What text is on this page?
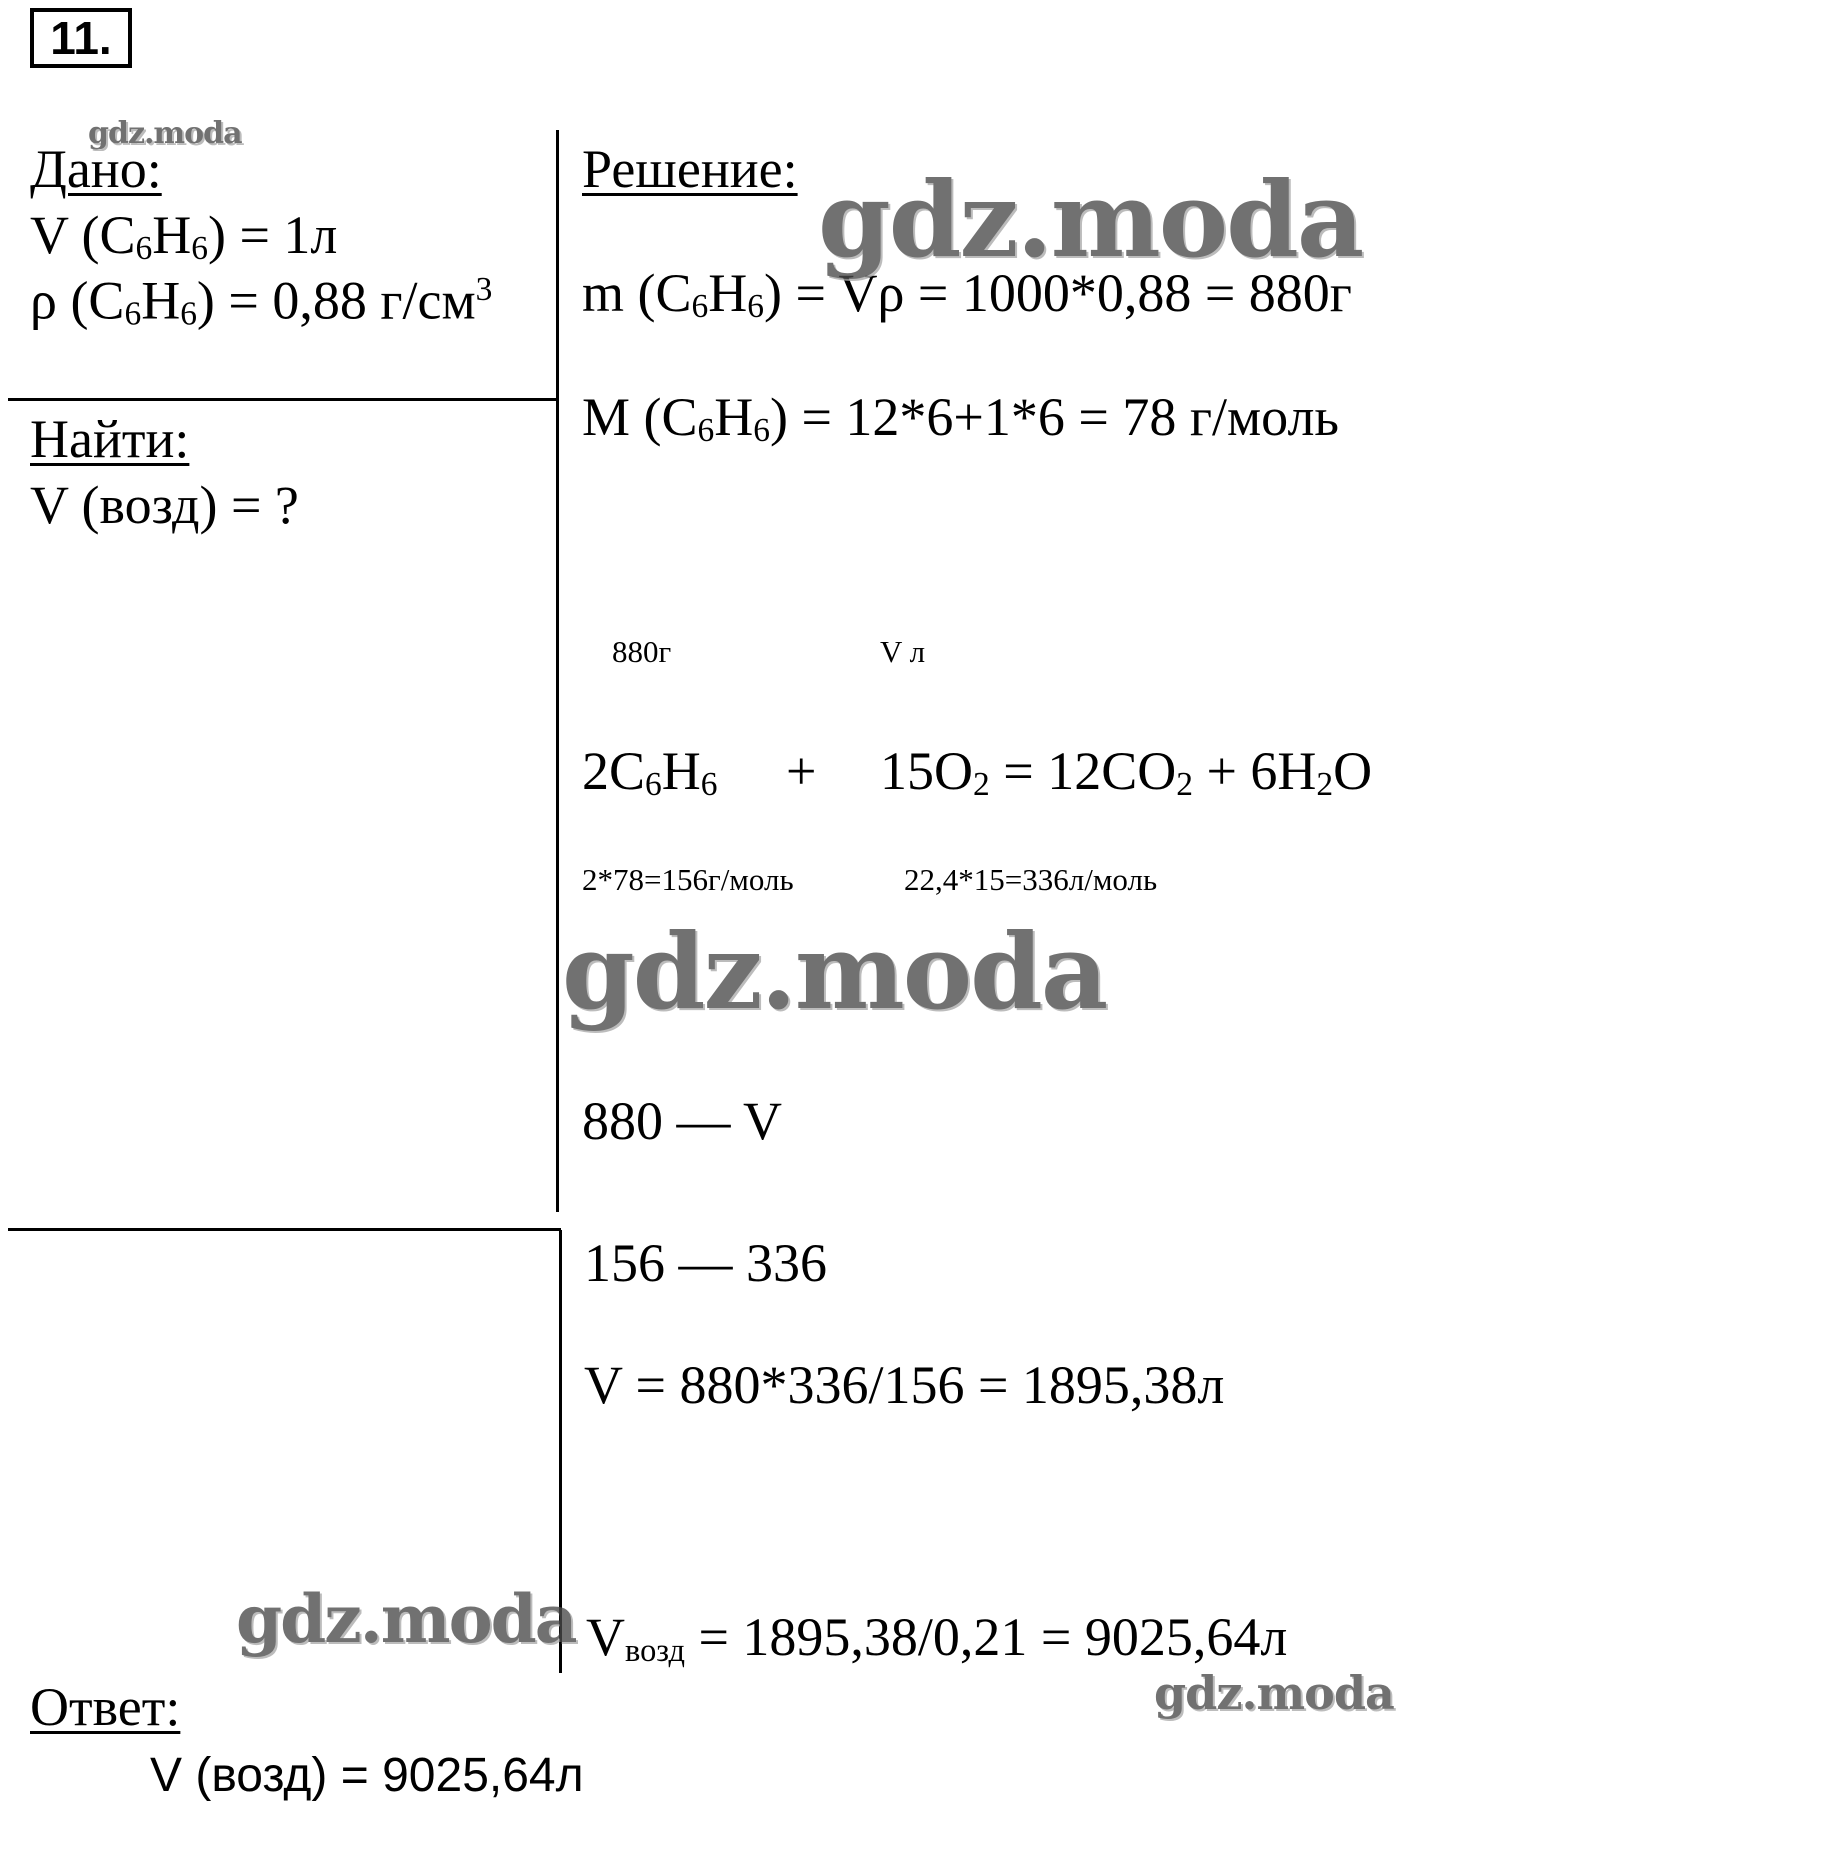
11.
Дано:
V $(C_6H_6) = 1л$
ρ $(C_6H_6) = 0,88$ $г/см^3$
Найти:
V (возд) = ?
Решение:
m $(C_6H_6) = V\rho = 1000*0,88 = 880г$
M $(C_6H_6) = 12*6+1*6 = 78$ г/моль
880г	V л
$2C_6H_6 + 15O_2 = 12CO_2 + 6H_2O$
2*78=156г/моль	22,4*15=336л/моль
880 — V
156 — 336
V = 880*336/156 = 1895,38л
$V_{возд} = 1895,38/0,21 = 9025,64л$
Ответ:
V (возд) = 9025,64л
gdz.moda
gdz.moda
gdz.moda
gdz.moda
gdz.moda
